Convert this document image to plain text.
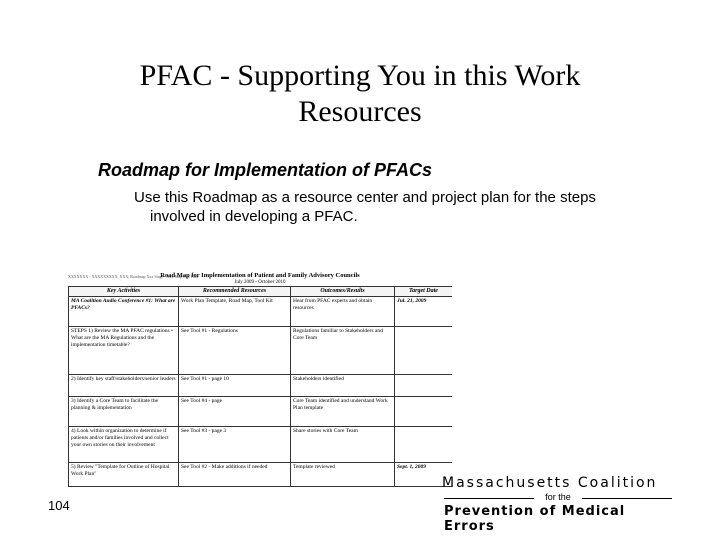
PFAC - Supporting You in this Work
Resources
Roadmap for Implementation of PFACs
Use this Roadmap as a resource center and project plan for the steps
involved in developing a PFAC.
XXXXXXX - XXXXXXXXX, XXX, Roadmap Xxx Stage - Xxx Map Xxx Plan
Road Map for Implementation of Patient and Family Advisory Councils
July 2009 - October 2010
Key Activities	Recommended Resources	Outcomes/Results	Target Date
MA Coalition Audio Conference #1: What are PFACs?	Work Plan Template, Road Map, Tool Kit	Hear from PFAC experts and obtain resources	Jul. 21, 2009
STEPS 1) Review the MA PFAC regulations • What are the MA Regulations and the implementation timetable?	See Tool #1 - Regulations	Regulations familiar to Stakeholders and Core Team	
2) Identify key staff/stakeholders/senior leaders	See Tool #1 - page 10	Stakeholders identified	
3) Identify a Core Team to facilitate the planning & implementation	See Tool #4 - page	Core Team identified and understand Work Plan template	
4) Look within organization to determine if patients and/or families involved and collect your own stories on their involvement	See Tool #3 - page 3	Share stories with Core Team	
5) Review "Template for Outline of Hospital Work Plan"	See Tool #2 - Make additions if needed	Template reviewed	Sept. 1, 2009
104
Massachusetts Coalition
for the
Prevention of Medical Errors
